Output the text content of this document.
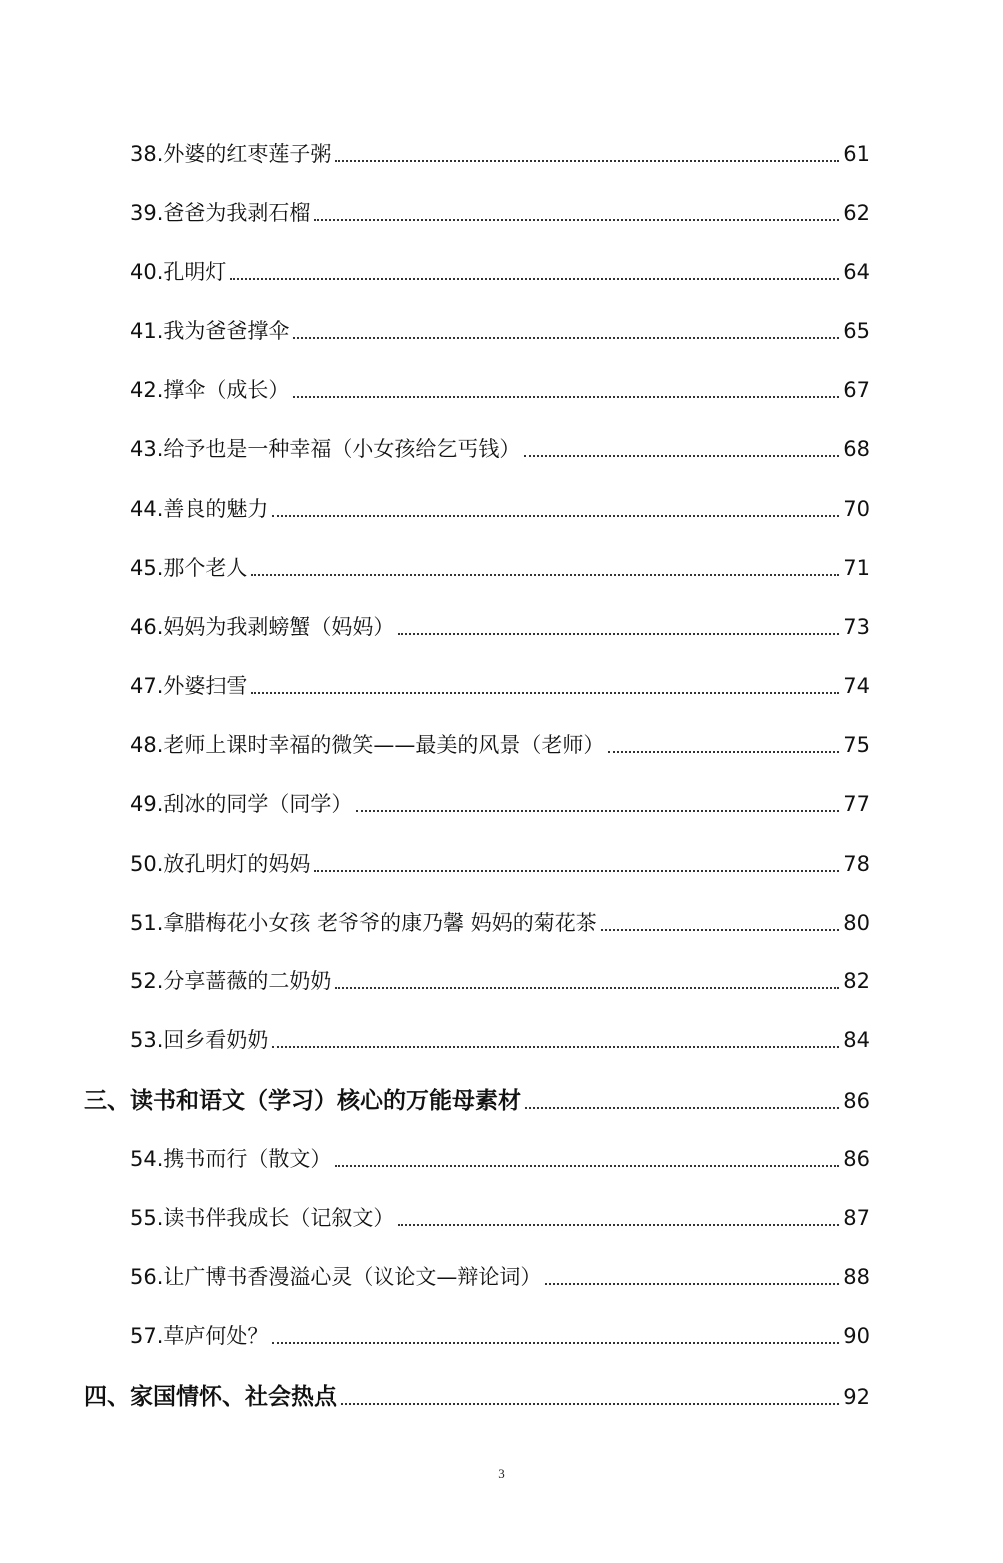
38.外婆的红枣莲子粥	61
39.爸爸为我剥石榴	62
40.孔明灯	64
41.我为爸爸撑伞	65
42.撑伞（成长）	67
43.给予也是一种幸福（小女孩给乞丐钱）	68
44.善良的魅力	70
45.那个老人	71
46.妈妈为我剥螃蟹（妈妈）	73
47.外婆扫雪	74
48.老师上课时幸福的微笑——最美的风景（老师）	75
49.刮冰的同学（同学）	77
50.放孔明灯的妈妈	78
51.拿腊梅花小女孩 老爷爷的康乃馨 妈妈的菊花茶	80
52.分享蔷薇的二奶奶	82
53.回乡看奶奶	84
三、读书和语文（学习）核心的万能母素材	86
54.携书而行（散文）	86
55.读书伴我成长（记叙文）	87
56.让广博书香漫溢心灵（议论文—辩论词）	88
57.草庐何处？	90
四、家国情怀、社会热点	92
3
